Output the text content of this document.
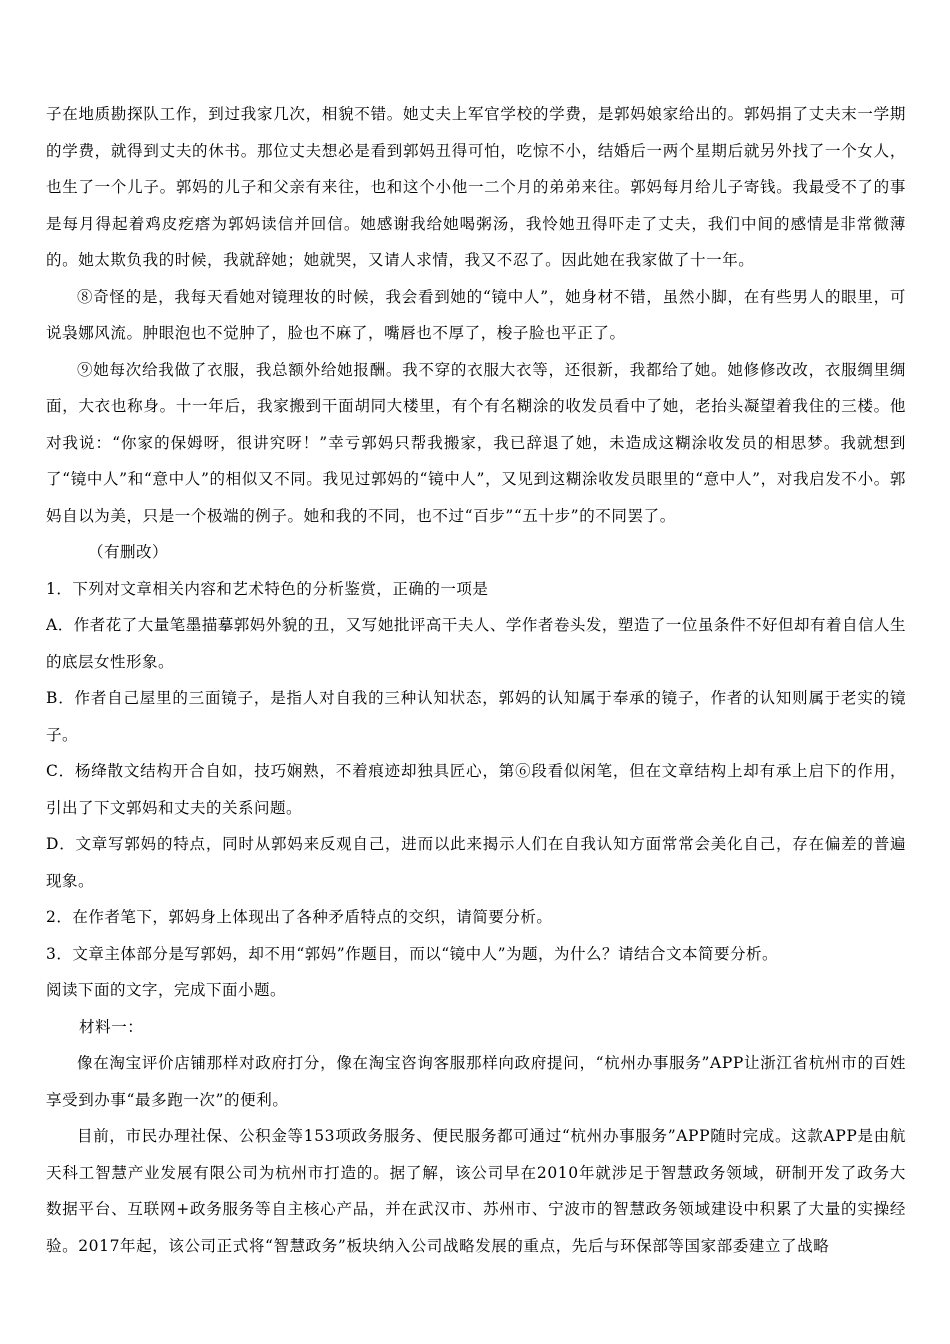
子在地质勘探队工作，到过我家几次，相貌不错。她丈夫上军官学校的学费，是郭妈娘家给出的。郭妈捐了丈夫末一学期的学费，就得到丈夫的休书。那位丈夫想必是看到郭妈丑得可怕，吃惊不小，结婚后一两个星期后就另外找了一个女人，也生了一个儿子。郭妈的儿子和父亲有来往，也和这个小他一二个月的弟弟来往。郭妈每月给儿子寄钱。我最受不了的事是每月得起着鸡皮疙瘩为郭妈读信并回信。她感谢我给她喝粥汤，我怜她丑得吓走了丈夫，我们中间的感情是非常微薄的。她太欺负我的时候，我就辞她；她就哭，又请人求情，我又不忍了。因此她在我家做了十一年。

⑧奇怪的是，我每天看她对镜理妆的时候，我会看到她的“镜中人”，她身材不错，虽然小脚，在有些男人的眼里，可说袅娜风流。肿眼泡也不觉肿了，脸也不麻了，嘴唇也不厚了，梭子脸也平正了。

⑨她每次给我做了衣服，我总额外给她报酬。我不穿的衣服大衣等，还很新，我都给了她。她修修改改，衣服绸里绸面，大衣也称身。十一年后，我家搬到干面胡同大楼里，有个有名糊涂的收发员看中了她，老抬头凝望着我住的三楼。他对我说：“你家的保姆呀，很讲究呀！”幸亏郭妈只帮我搬家，我已辞退了她，未造成这糊涂收发员的相思梦。我就想到了“镜中人”和“意中人”的相似又不同。我见过郭妈的“镜中人”，又见到这糊涂收发员眼里的“意中人”，对我启发不小。郭妈自以为美，只是一个极端的例子。她和我的不同，也不过“百步”“五十步”的不同罢了。

（有删改）

1．下列对文章相关内容和艺术特色的分析鉴赏，正确的一项是

A．作者花了大量笔墨描摹郭妈外貌的丑，又写她批评高干夫人、学作者卷头发，塑造了一位虽条件不好但却有着自信人生的底层女性形象。

B．作者自己屋里的三面镜子，是指人对自我的三种认知状态，郭妈的认知属于奉承的镜子，作者的认知则属于老实的镜子。

C．杨绛散文结构开合自如，技巧娴熟，不着痕迹却独具匠心，第⑥段看似闲笔，但在文章结构上却有承上启下的作用，引出了下文郭妈和丈夫的关系问题。

D．文章写郭妈的特点，同时从郭妈来反观自己，进而以此来揭示人们在自我认知方面常常会美化自己，存在偏差的普遍现象。

2．在作者笔下，郭妈身上体现出了各种矛盾特点的交织，请简要分析。

3．文章主体部分是写郭妈，却不用“郭妈”作题目，而以“镜中人”为题，为什么？请结合文本简要分析。

阅读下面的文字，完成下面小题。

材料一：

像在淘宝评价店铺那样对政府打分，像在淘宝咨询客服那样向政府提问，“杭州办事服务”APP让浙江省杭州市的百姓享受到办事“最多跑一次”的便利。

目前，市民办理社保、公积金等153项政务服务、便民服务都可通过“杭州办事服务”APP随时完成。这款APP是由航天科工智慧产业发展有限公司为杭州市打造的。据了解，该公司早在2010年就涉足于智慧政务领域，研制开发了政务大数据平台、互联网+政务服务等自主核心产品，并在武汉市、苏州市、宁波市的智慧政务领域建设中积累了大量的实操经验。2017年起，该公司正式将“智慧政务”板块纳入公司战略发展的重点，先后与环保部等国家部委建立了战略
